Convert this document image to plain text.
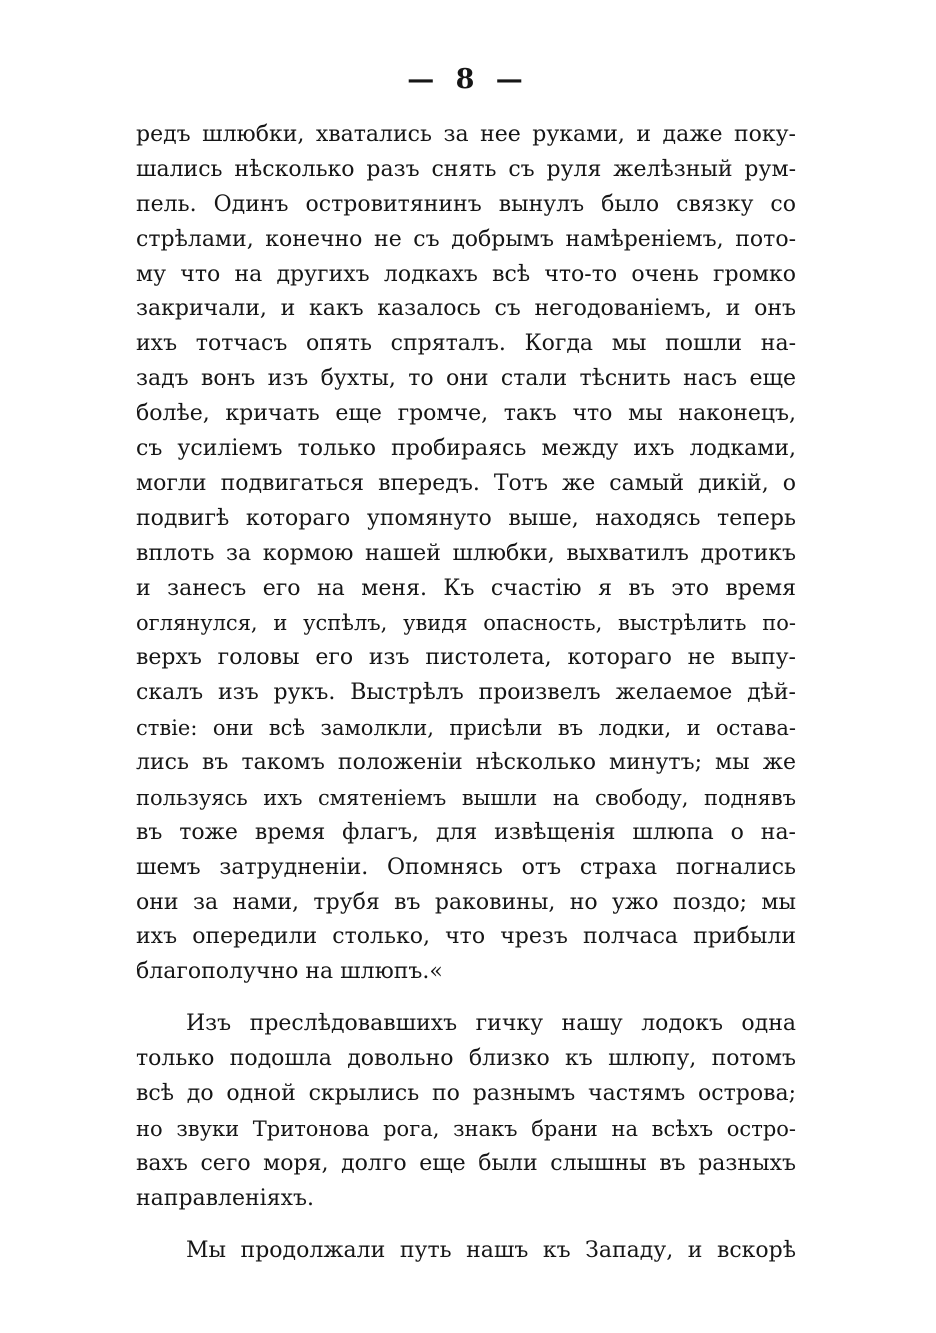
— 8 —
редъ шлюбки, хватались за нее руками, и даже поку-
шались нѣсколько разъ снять съ руля желѣзный рум-
пель. Одинъ островитянинъ вынулъ было связку со
стрѣлами, конечно не съ добрымъ намѣреніемъ, пото-
му что на другихъ лодкахъ всѣ что-то очень громко
закричали, и какъ казалось съ негодованіемъ, и онъ
ихъ тотчасъ опять спряталъ. Когда мы пошли на-
задъ вонъ изъ бухты, то они стали тѣснить насъ еще
болѣе, кричать еще громче, такъ что мы наконецъ,
съ усиліемъ только пробираясь между ихъ лодками,
могли подвигаться впередъ. Тотъ же самый дикій, о
подвигѣ котораго упомянуто выше, находясь теперь
вплоть за кормою нашей шлюбки, выхватилъ дротикъ
и занесъ его на меня. Къ счастію я въ это время
оглянулся, и успѣлъ, увидя опасность, выстрѣлить по-
верхъ головы его изъ пистолета, котораго не выпу-
скалъ изъ рукъ. Выстрѣлъ произвелъ желаемое дѣй-
ствіе: они всѣ замолкли, присѣли въ лодки, и остава-
лись въ такомъ положеніи нѣсколько минутъ; мы же
пользуясь ихъ смятеніемъ вышли на свободу, поднявъ
въ тоже время флагъ, для извѣщенія шлюпа о на-
шемъ затрудненіи. Опомнясь отъ страха погнались
они за нами, трубя въ раковины, но ужо поздо; мы
ихъ опередили столько, что чрезъ полчаса прибыли
благополучно на шлюпъ.«
Изъ преслѣдовавшихъ гичку нашу лодокъ одна
только подошла довольно близко къ шлюпу, потомъ
всѣ до одной скрылись по разнымъ частямъ острова;
но звуки Тритонова рога, знакъ брани на всѣхъ остро-
вахъ сего моря, долго еще были слышны въ разныхъ
направленіяхъ.
Мы продолжали путь нашъ къ Западу, и вскорѣ
